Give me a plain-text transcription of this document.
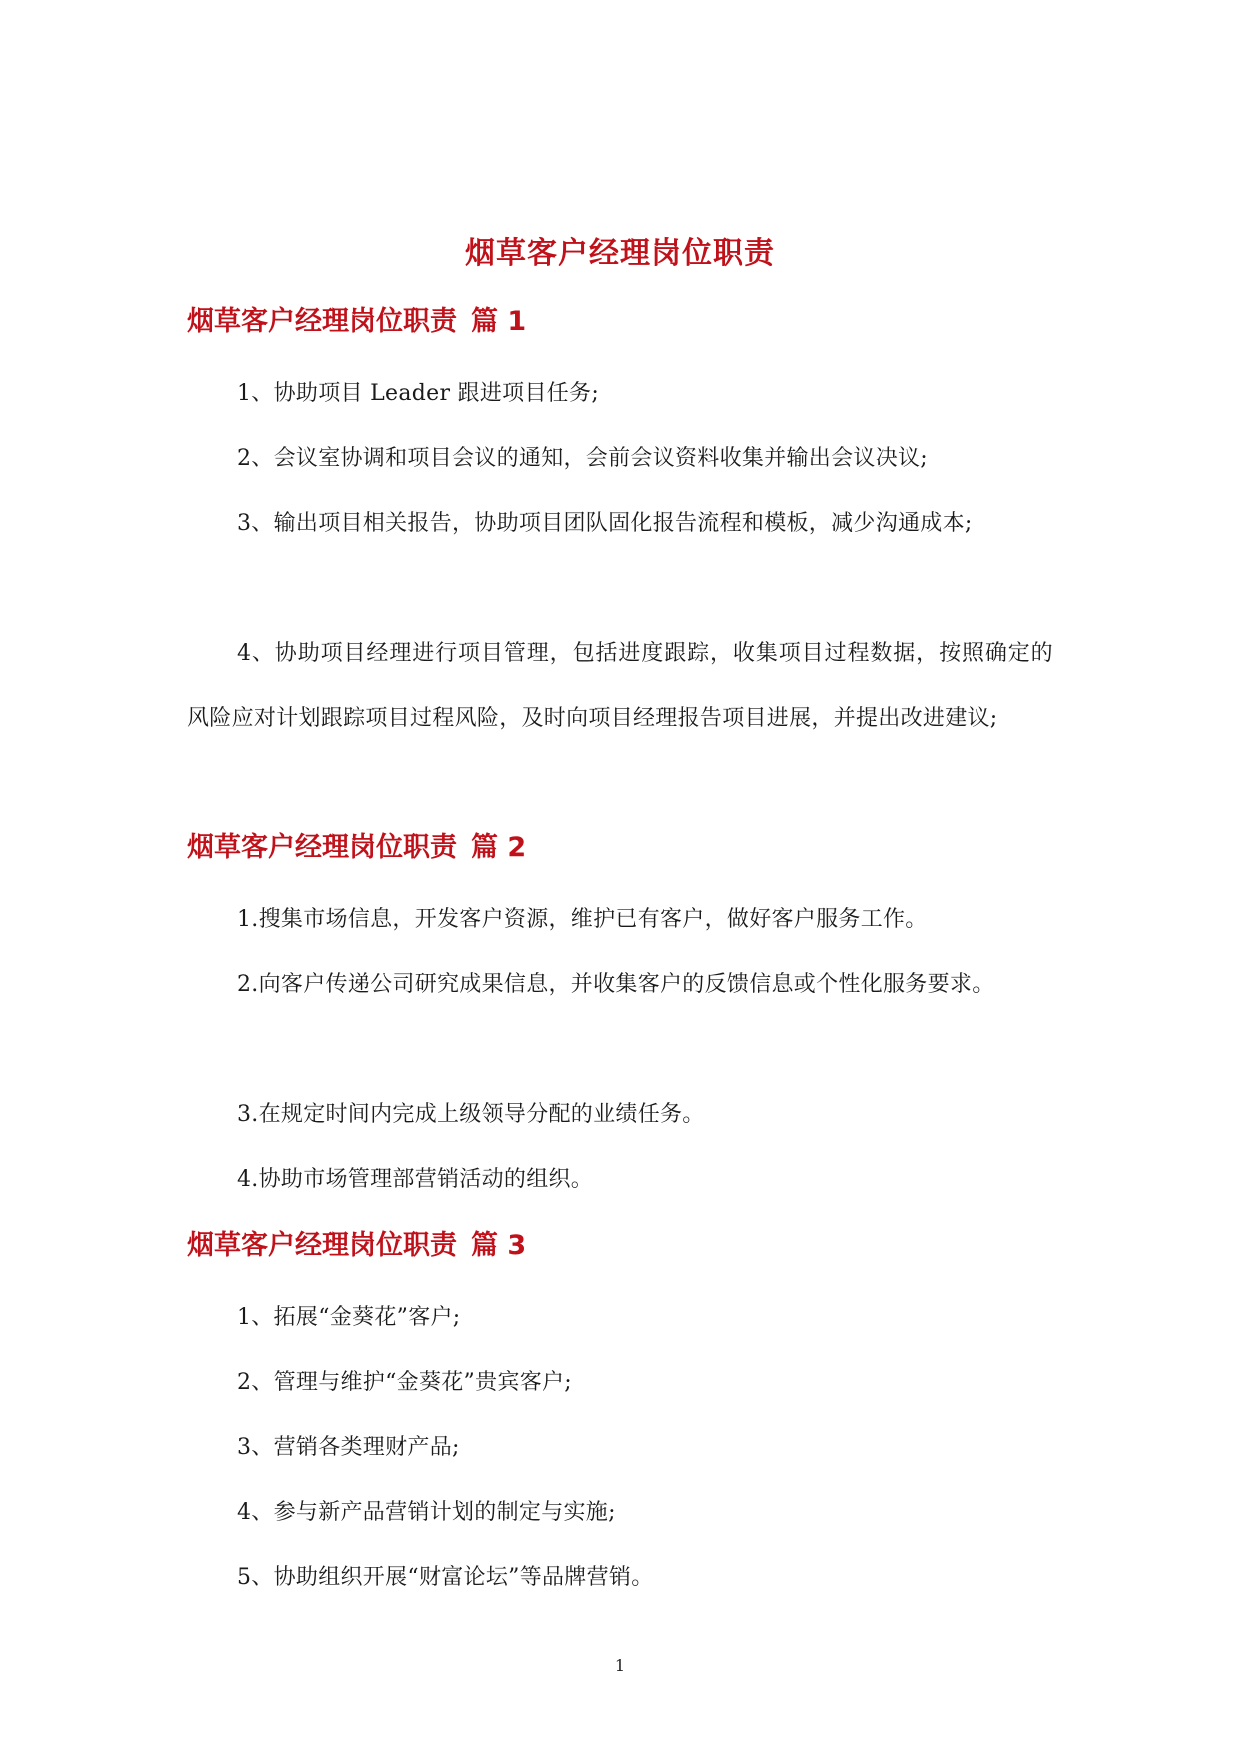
烟草客户经理岗位职责
烟草客户经理岗位职责 篇 1
1、协助项目 Leader 跟进项目任务;
2、会议室协调和项目会议的通知，会前会议资料收集并输出会议决议;
3、输出项目相关报告，协助项目团队固化报告流程和模板，减少沟通成本;
4、协助项目经理进行项目管理，包括进度跟踪，收集项目过程数据，按照确定的风险应对计划跟踪项目过程风险，及时向项目经理报告项目进展，并提出改进建议;
烟草客户经理岗位职责 篇 2
1.搜集市场信息，开发客户资源，维护已有客户，做好客户服务工作。
2.向客户传递公司研究成果信息，并收集客户的反馈信息或个性化服务要求。
3.在规定时间内完成上级领导分配的业绩任务。
4.协助市场管理部营销活动的组织。
烟草客户经理岗位职责 篇 3
1、拓展“金葵花”客户;
2、管理与维护“金葵花”贵宾客户;
3、营销各类理财产品;
4、参与新产品营销计划的制定与实施;
5、协助组织开展“财富论坛”等品牌营销。
1
